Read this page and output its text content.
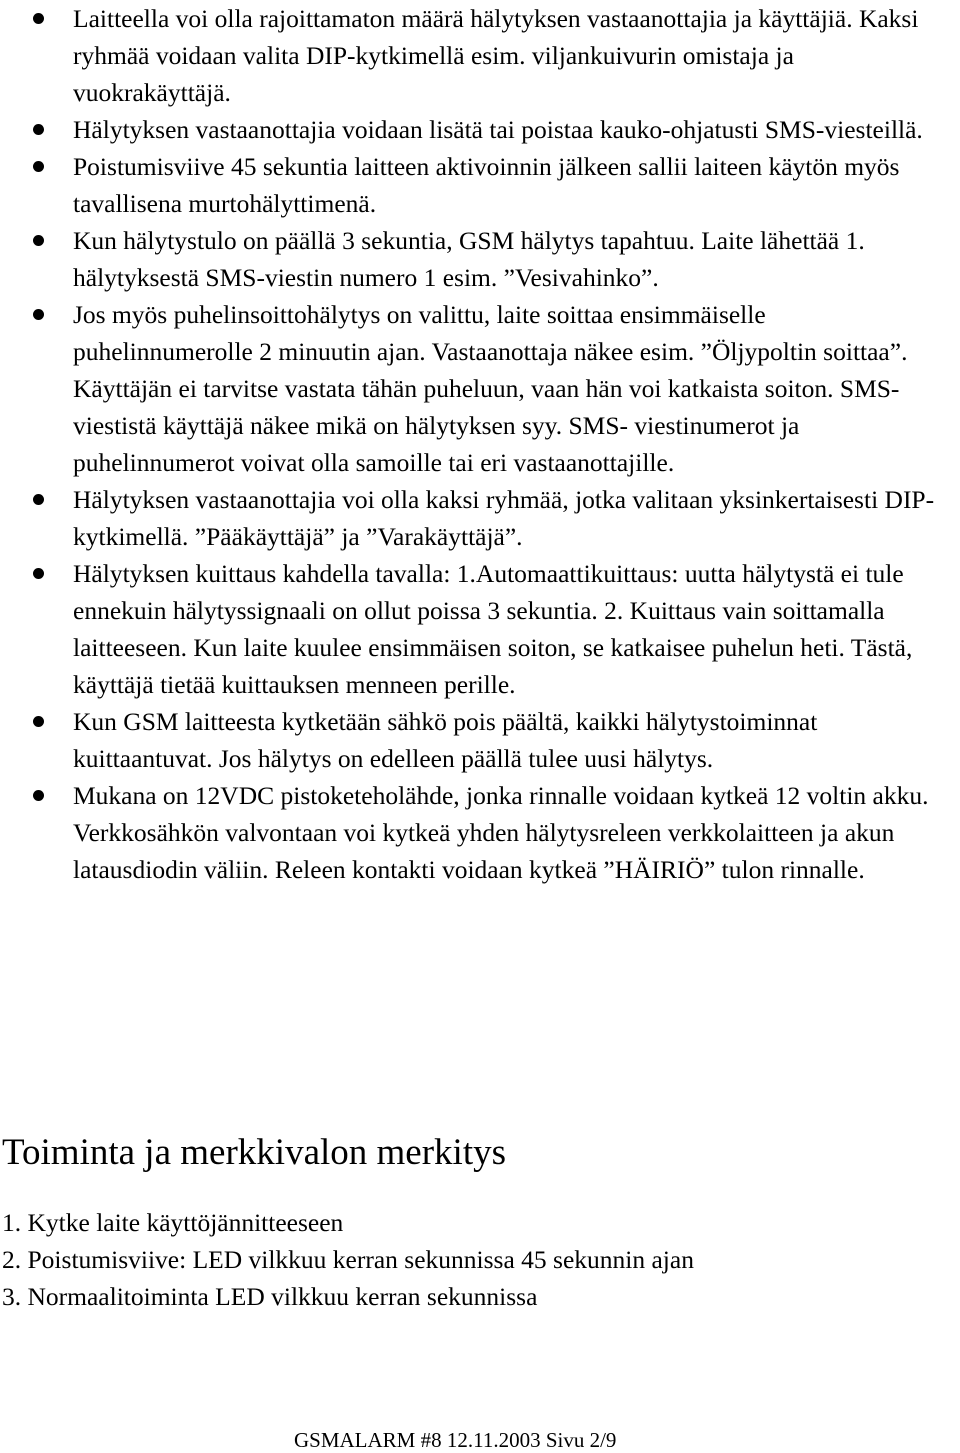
Laitteella voi olla rajoittamaton määrä hälytyksen vastaanottajia ja käyttäjiä. Kaksi ryhmää voidaan valita DIP-kytkimellä esim. viljankuivurin omistaja ja vuokrakäyttäjä.
Hälytyksen vastaanottajia voidaan lisätä tai poistaa kauko-ohjatusti SMS-viesteillä.
Poistumisviive 45 sekuntia laitteen aktivoinnin jälkeen sallii laiteen käytön myös tavallisena murtohälyttimenä.
Kun hälytystulo on päällä 3 sekuntia, GSM hälytys tapahtuu. Laite lähettää 1. hälytyksestä SMS-viestin numero 1 esim. ”Vesivahinko”.
Jos myös puhelinsoittohälytys on valittu, laite soittaa ensimmäiselle puhelinnumerolle 2 minuutin ajan. Vastaanottaja näkee esim. ”Öljypoltin soittaa”. Käyttäjän ei tarvitse vastata tähän puheluun, vaan hän voi katkaista soiton. SMS-viestistä käyttäjä näkee mikä on hälytyksen syy. SMS- viestinumerot ja puhelinnumerot voivat olla samoille tai eri vastaanottajille.
Hälytyksen vastaanottajia voi olla kaksi ryhmää, jotka valitaan yksinkertaisesti DIP-kytkimellä. ”Pääkäyttäjä” ja ”Varakäyttäjä”.
Hälytyksen kuittaus kahdella tavalla: 1.Automaattikuittaus: uutta hälytystä ei tule ennekuin hälytyssignaali on ollut poissa 3 sekuntia. 2. Kuittaus vain soittamalla laitteeseen. Kun laite kuulee ensimmäisen soiton, se katkaisee puhelun heti. Tästä, käyttäjä tietää kuittauksen menneen perille.
Kun GSM laitteesta kytketään sähkö pois päältä, kaikki hälytystoiminnat kuittaantuvat. Jos hälytys on edelleen päällä tulee uusi hälytys.
Mukana on 12VDC pistoketeholähde, jonka rinnalle voidaan kytkeä 12 voltin akku. Verkkosähkön valvontaan voi kytkeä yhden hälytysreleen verkkolaitteen ja akun latausdiodin väliin. Releen kontakti voidaan kytkeä ”HÄIRIÖ” tulon rinnalle.
Toiminta ja merkkivalon merkitys
1. Kytke laite käyttöjännitteeseen
2. Poistumisviive: LED vilkkuu kerran sekunnissa 45 sekunnin ajan
3. Normaalitoiminta LED vilkkuu kerran sekunnissa
GSMALARM #8 12.11.2003 Sivu 2/9
